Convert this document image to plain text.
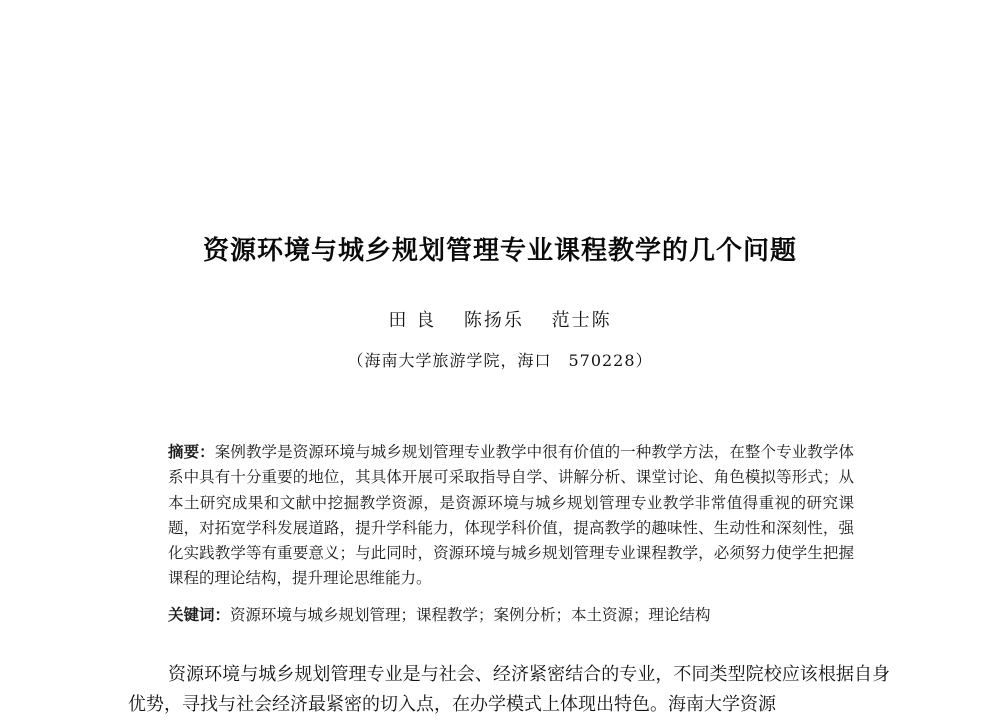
资源环境与城乡规划管理专业课程教学的几个问题
田 良 陈扬乐 范士陈
（海南大学旅游学院，海口　570228）
摘要：案例教学是资源环境与城乡规划管理专业教学中很有价值的一种教学方法，在整个专业教学体系中具有十分重要的地位，其具体开展可采取指导自学、讲解分析、课堂讨论、角色模拟等形式；从本土研究成果和文献中挖掘教学资源，是资源环境与城乡规划管理专业教学非常值得重视的研究课题，对拓宽学科发展道路，提升学科能力，体现学科价值，提高教学的趣味性、生动性和深刻性，强化实践教学等有重要意义；与此同时，资源环境与城乡规划管理专业课程教学，必须努力使学生把握课程的理论结构，提升理论思维能力。
关键词：资源环境与城乡规划管理；课程教学；案例分析；本土资源；理论结构
资源环境与城乡规划管理专业是与社会、经济紧密结合的专业，不同类型院校应该根据自身优势，寻找与社会经济最紧密的切入点，在办学模式上体现出特色。海南大学资源
